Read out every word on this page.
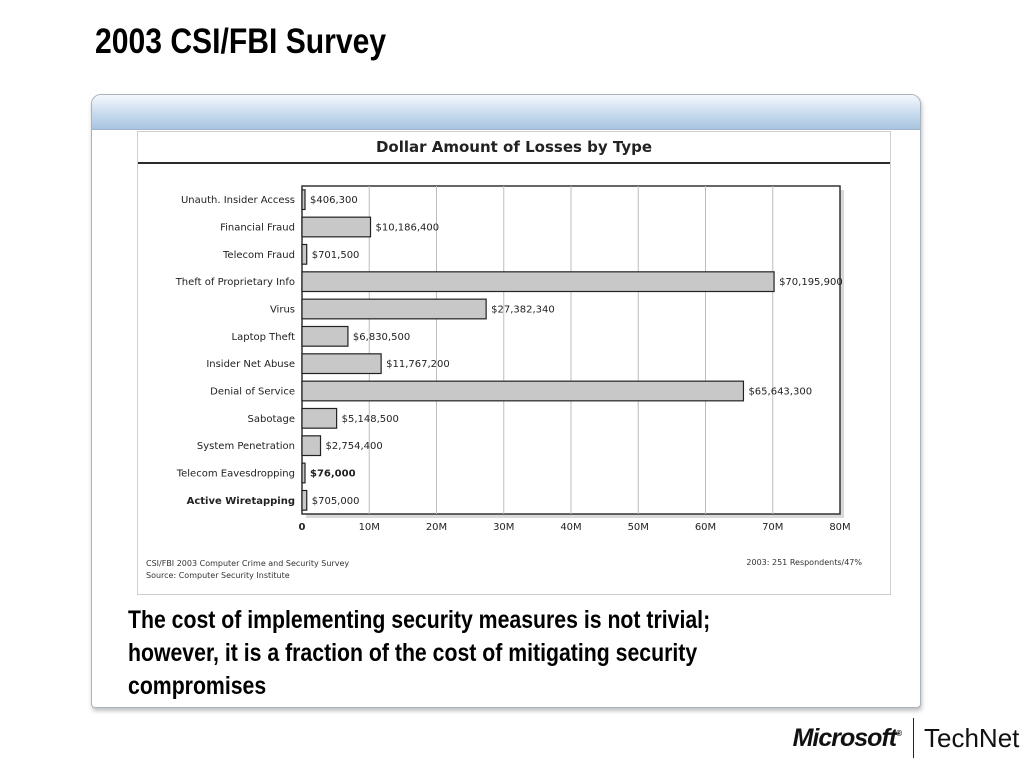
2003 CSI/FBI Survey
Dollar Amount of Losses by Type
0	10M	20M	30M	40M	50M	60M	70M	80M
Unauth. Insider Access $406,300
Financial Fraud	$10,186,400
Telecom Fraud $701,500
Theft of Proprietary Info	$70,195,900
Virus	$27,382,340
Laptop Theft	$6,830,500
Insider Net Abuse	$11,767,200
Denial of Service	$65,643,300
Sabotage	$5,148,500
System Penetration	$2,754,400
Telecom Eavesdropping $76,000
Active Wiretapping $705,000
CSI/FBI 2003 Computer Crime and Security Survey
Source: Computer Security Institute
2003: 251 Respondents/47%
The cost of implementing security measures is not trivial;
however, it is a fraction of the cost of mitigating security
compromises
Microsoft® TechNet
